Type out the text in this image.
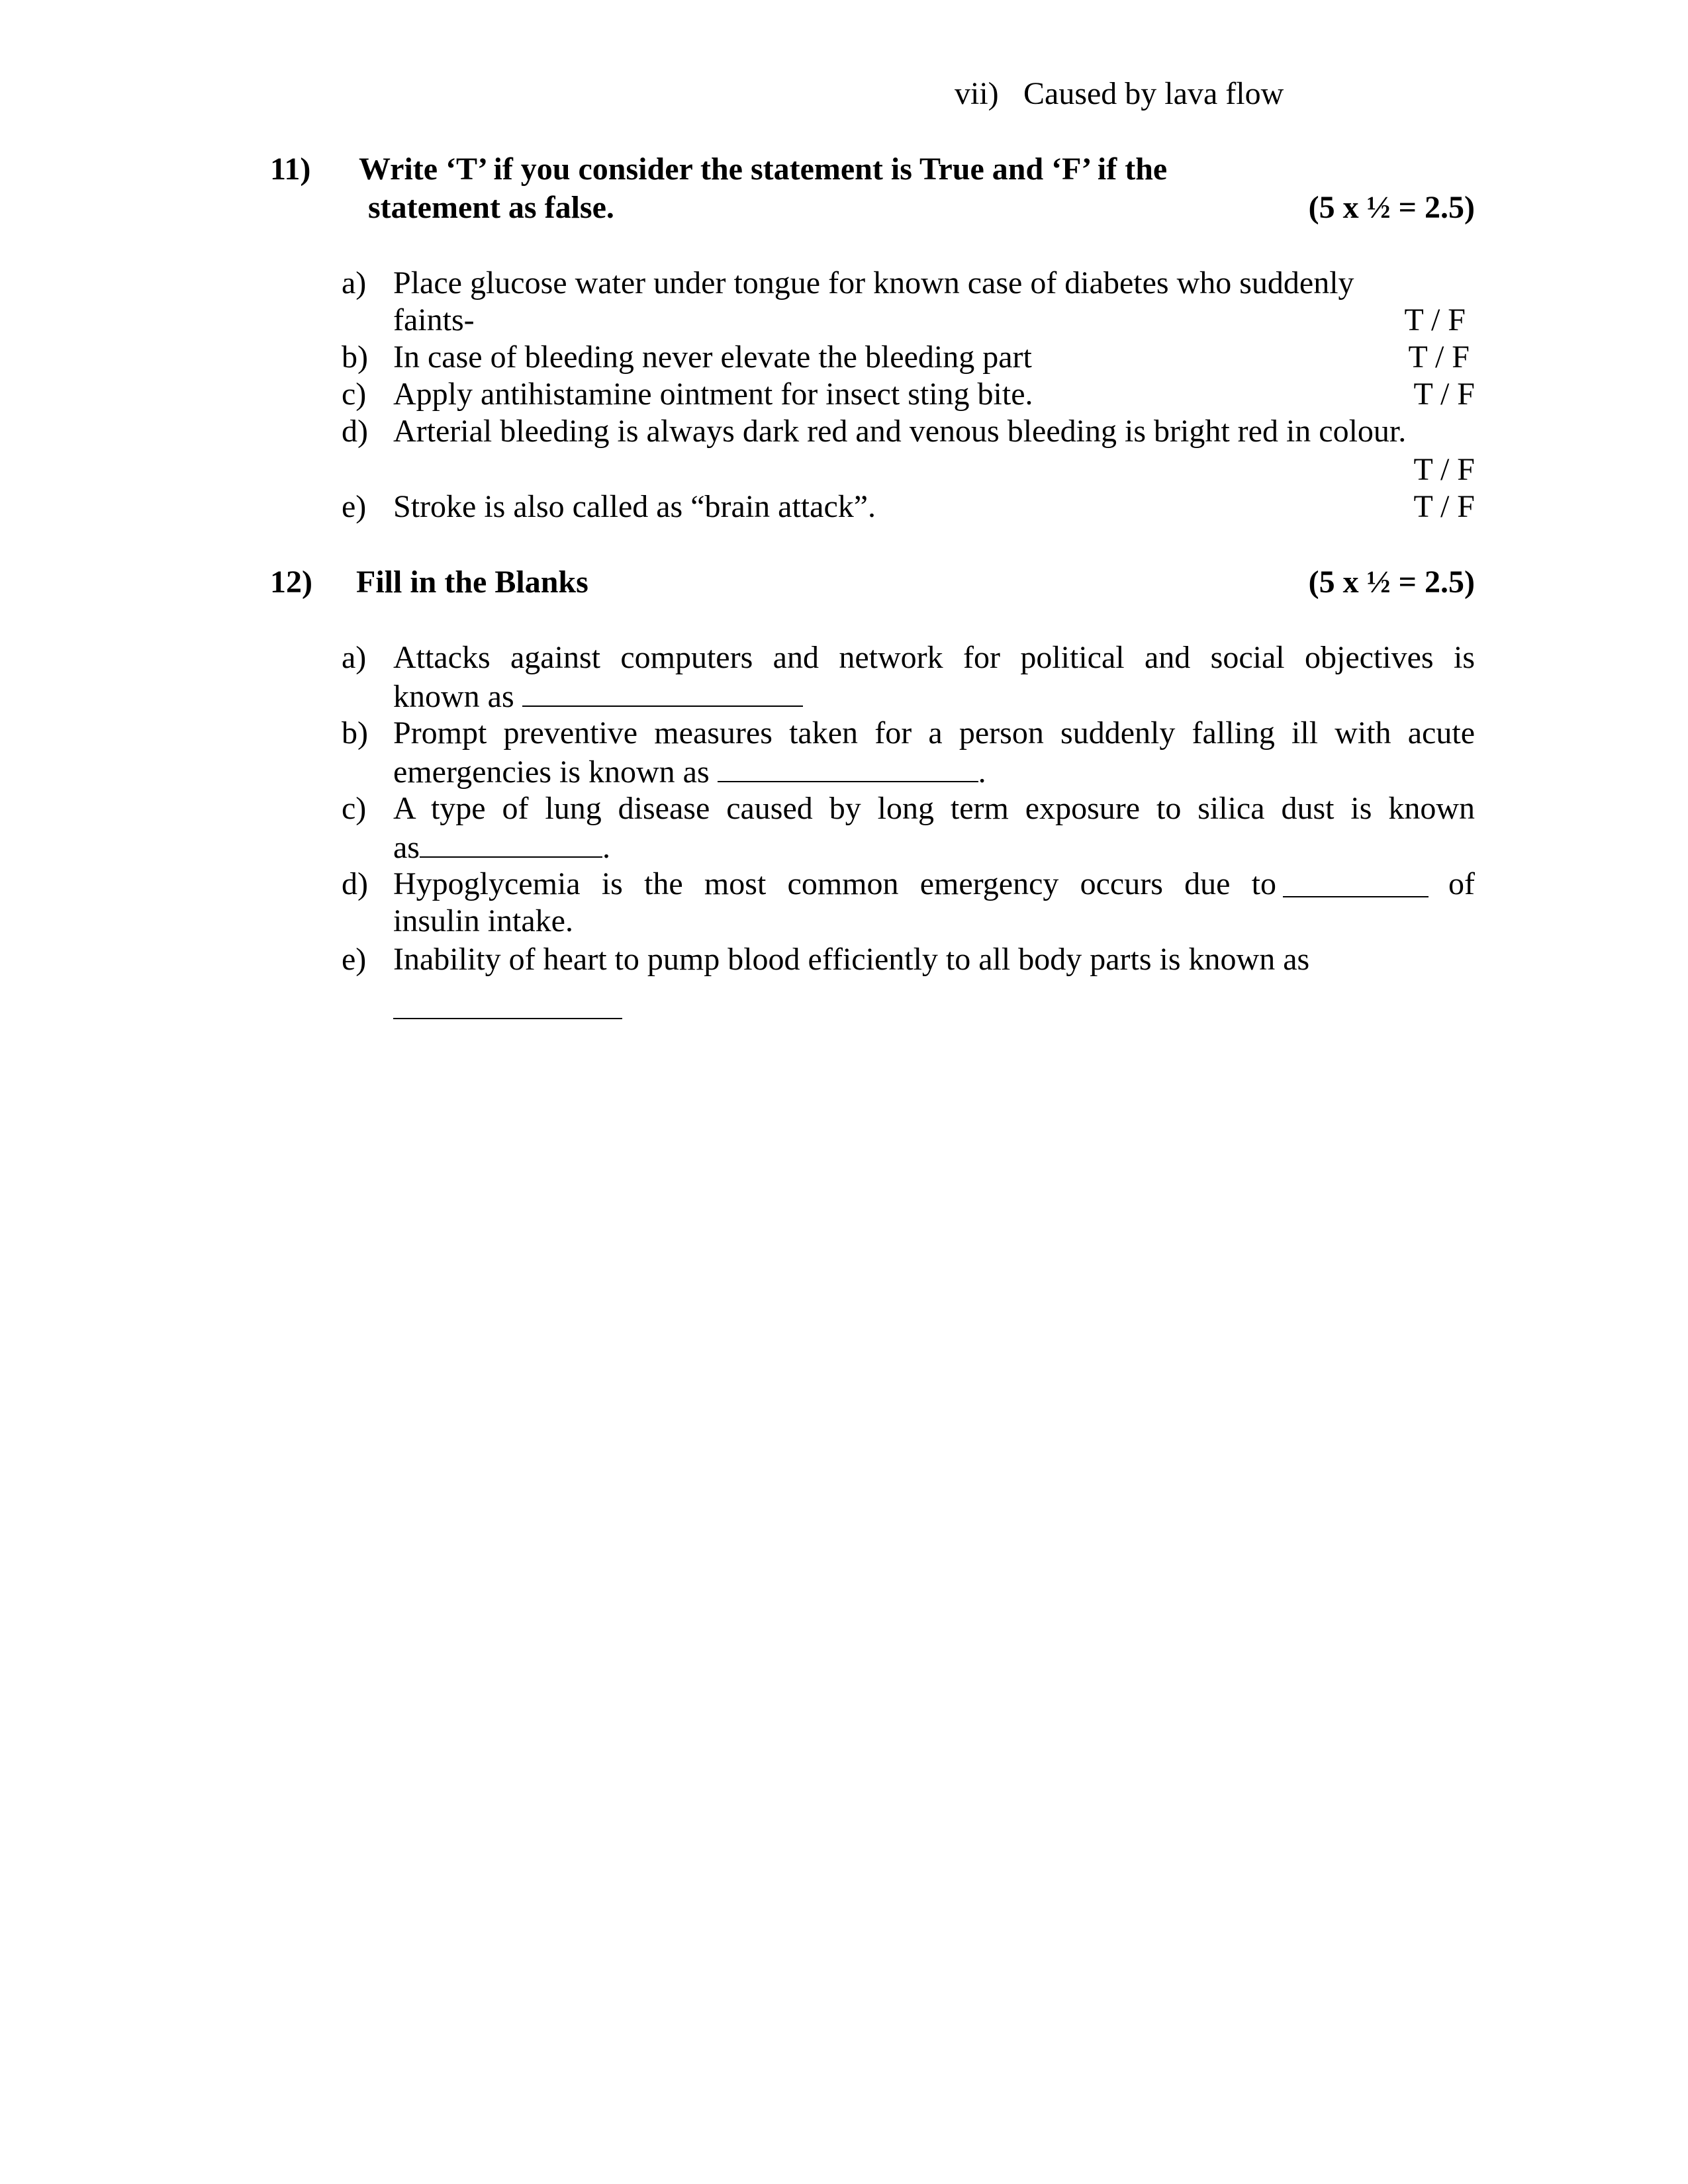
vii) Caused by lava flow
11) Write ‘T’ if you consider the statement is True and ‘F’ if the
statement as false.	(5 x ½ = 2.5)
a) Place glucose water under tongue for known case of diabetes who suddenly
faints-	T / F
b) In case of bleeding never elevate the bleeding part	T / F
c) Apply antihistamine ointment for insect sting bite.	T / F
d) Arterial bleeding is always dark red and venous bleeding is bright red in colour.
T / F
e) Stroke is also called as “brain attack”.	T / F
12) Fill in the Blanks	(5 x ½ = 2.5)
a) Attacks against computers and network for political and social objectives is
known as
b) Prompt preventive measures taken for a person suddenly falling ill with acute
emergencies is known as	.
c) A type of lung disease caused by long term exposure to silica dust is known
as	.
d) Hypoglycemia is the most common emergency occurs due to	of
insulin intake.
e) Inability of heart to pump blood efficiently to all body parts is known as
